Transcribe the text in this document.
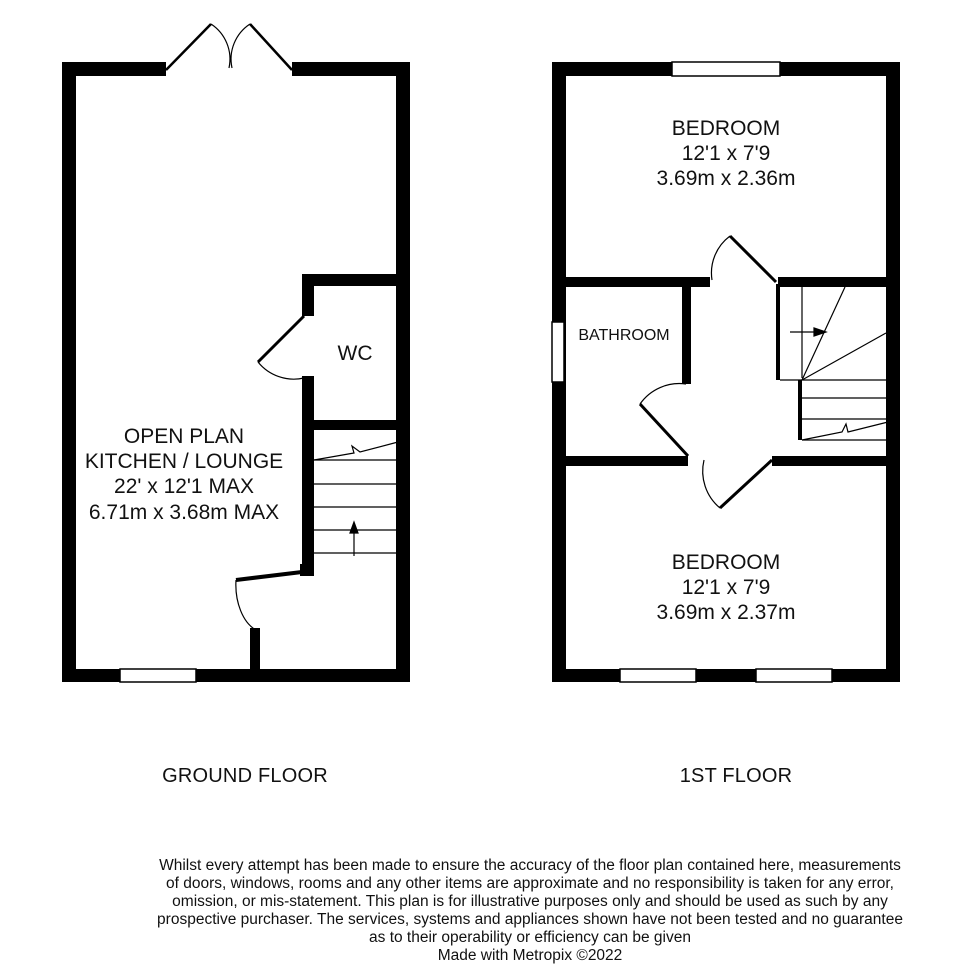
OPEN PLAN
KITCHEN / LOUNGE
22' x 12'1 MAX
6.71m x 3.68m MAX
WC
GROUND FLOOR
BEDROOM
12'1 x 7'9
3.69m x 2.36m
BATHROOM
BEDROOM
12'1 x 7'9
3.69m x 2.37m
1ST FLOOR
Whilst every attempt has been made to ensure the accuracy of the floor plan contained here, measurements
of doors, windows, rooms and any other items are approximate and no responsibility is taken for any error,
omission, or mis-statement. This plan is for illustrative purposes only and should be used as such by any
prospective purchaser. The services, systems and appliances shown have not been tested and no guarantee
as to their operability or efficiency can be given
Made with Metropix ©2022
